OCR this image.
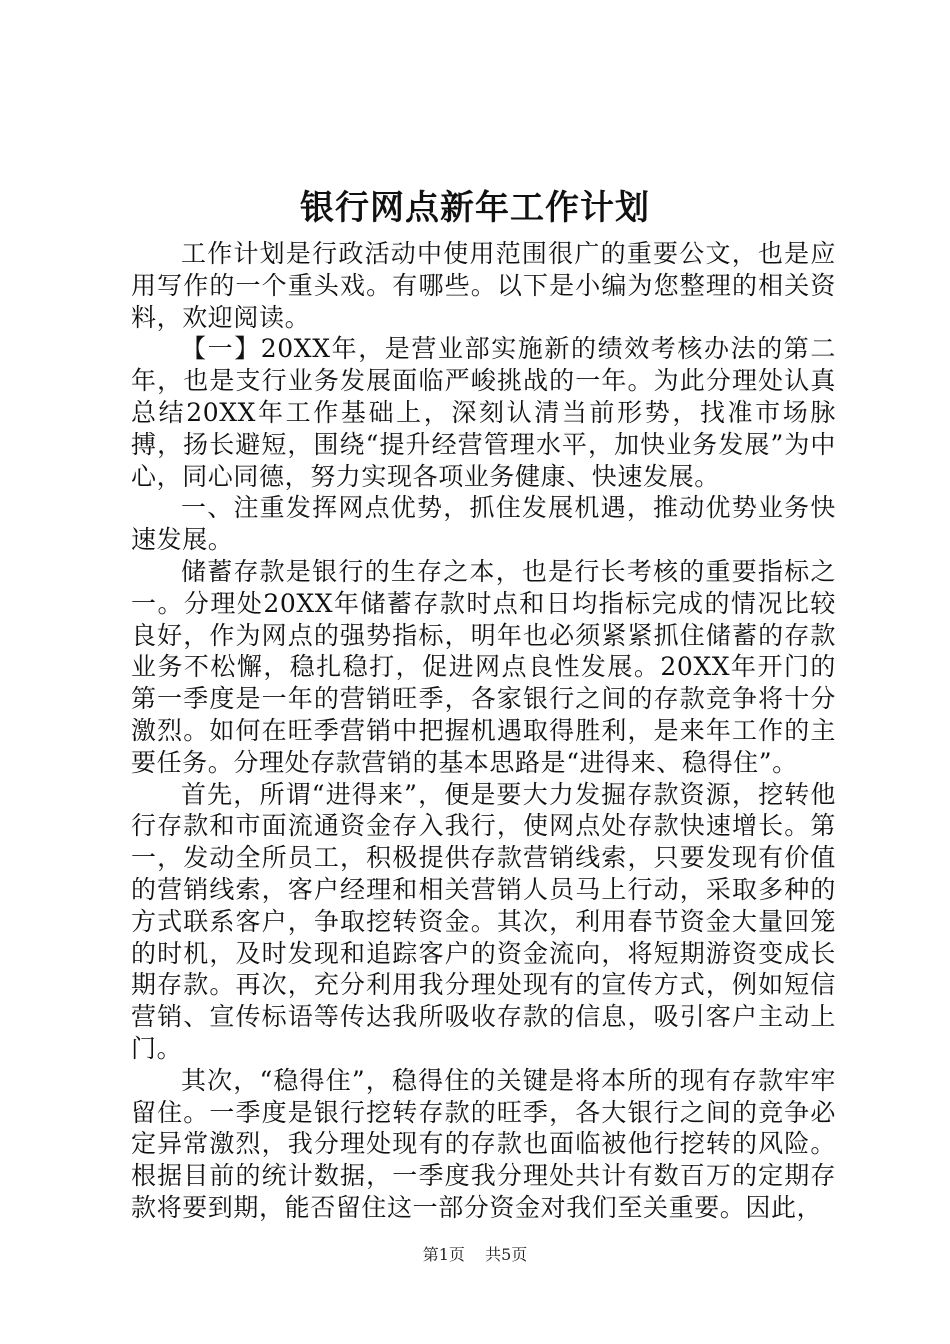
银行网点新年工作计划

工作计划是行政活动中使用范围很广的重要公文，也是应用写作的一个重头戏。有哪些。以下是小编为您整理的相关资料，欢迎阅读。

【一】20XX年，是营业部实施新的绩效考核办法的第二年，也是支行业务发展面临严峻挑战的一年。为此分理处认真总结20XX年工作基础上，深刻认清当前形势，找准市场脉搏，扬长避短，围绕“提升经营管理水平，加快业务发展”为中心，同心同德，努力实现各项业务健康、快速发展。

一、注重发挥网点优势，抓住发展机遇，推动优势业务快速发展。

储蓄存款是银行的生存之本，也是行长考核的重要指标之一。分理处20XX年储蓄存款时点和日均指标完成的情况比较良好，作为网点的强势指标，明年也必须紧紧抓住储蓄的存款业务不松懈，稳扎稳打，促进网点良性发展。20XX年开门的第一季度是一年的营销旺季，各家银行之间的存款竞争将十分激烈。如何在旺季营销中把握机遇取得胜利，是来年工作的主要任务。分理处存款营销的基本思路是“进得来、稳得住”。

首先，所谓“进得来”，便是要大力发掘存款资源，挖转他行存款和市面流通资金存入我行，使网点处存款快速增长。第一，发动全所员工，积极提供存款营销线索，只要发现有价值的营销线索，客户经理和相关营销人员马上行动，采取多种的方式联系客户，争取挖转资金。其次，利用春节资金大量回笼的时机，及时发现和追踪客户的资金流向，将短期游资变成长期存款。再次，充分利用我分理处现有的宣传方式，例如短信营销、宣传标语等传达我所吸收存款的信息，吸引客户主动上门。

其次，“稳得住”，稳得住的关键是将本所的现有存款牢牢留住。一季度是银行挖转存款的旺季，各大银行之间的竞争必定异常激烈，我分理处现有的存款也面临被他行挖转的风险。根据目前的统计数据，一季度我分理处共计有数百万的定期存款将要到期，能否留住这一部分资金对我们至关重要。因此，

第1页 共5页
